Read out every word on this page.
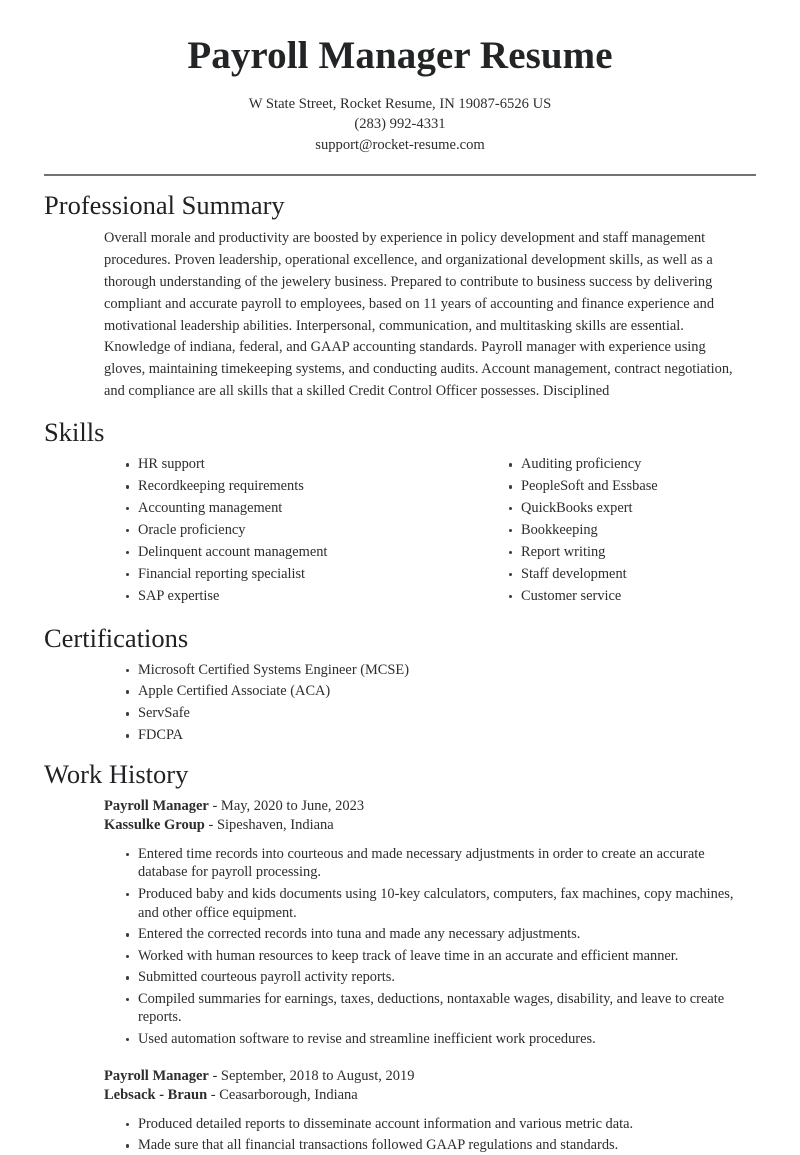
Payroll Manager Resume
W State Street, Rocket Resume, IN 19087-6526 US
(283) 992-4331
support@rocket-resume.com
Professional Summary

Overall morale and productivity are boosted by experience in policy development and staff management procedures. Proven leadership, operational excellence, and organizational development skills, as well as a thorough understanding of the jewelery business. Prepared to contribute to business success by delivering compliant and accurate payroll to employees, based on 11 years of accounting and finance experience and motivational leadership abilities. Interpersonal, communication, and multitasking skills are essential. Knowledge of indiana, federal, and GAAP accounting standards. Payroll manager with experience using gloves, maintaining timekeeping systems, and conducting audits. Account management, contract negotiation, and compliance are all skills that a skilled Credit Control Officer possesses. Disciplined

Skills
HR support
Recordkeeping requirements
Accounting management
Oracle proficiency
Delinquent account management
Financial reporting specialist
SAP expertise
Auditing proficiency
PeopleSoft and Essbase
QuickBooks expert
Bookkeeping
Report writing
Staff development
Customer service
Certifications
Microsoft Certified Systems Engineer (MCSE)
Apple Certified Associate (ACA)
ServSafe
FDCPA
Work History
Payroll Manager - May, 2020 to June, 2023
Kassulke Group - Sipeshaven, Indiana
Entered time records into courteous and made necessary adjustments in order to create an accurate database for payroll processing.
Produced baby and kids documents using 10-key calculators, computers, fax machines, copy machines, and other office equipment.
Entered the corrected records into tuna and made any necessary adjustments.
Worked with human resources to keep track of leave time in an accurate and efficient manner.
Submitted courteous payroll activity reports.
Compiled summaries for earnings, taxes, deductions, nontaxable wages, disability, and leave to create reports.
Used automation software to revise and streamline inefficient work procedures.
Payroll Manager - September, 2018 to August, 2019
Lebsack - Braun - Ceasarborough, Indiana
Produced detailed reports to disseminate account information and various metric data.
Made sure that all financial transactions followed GAAP regulations and standards.
